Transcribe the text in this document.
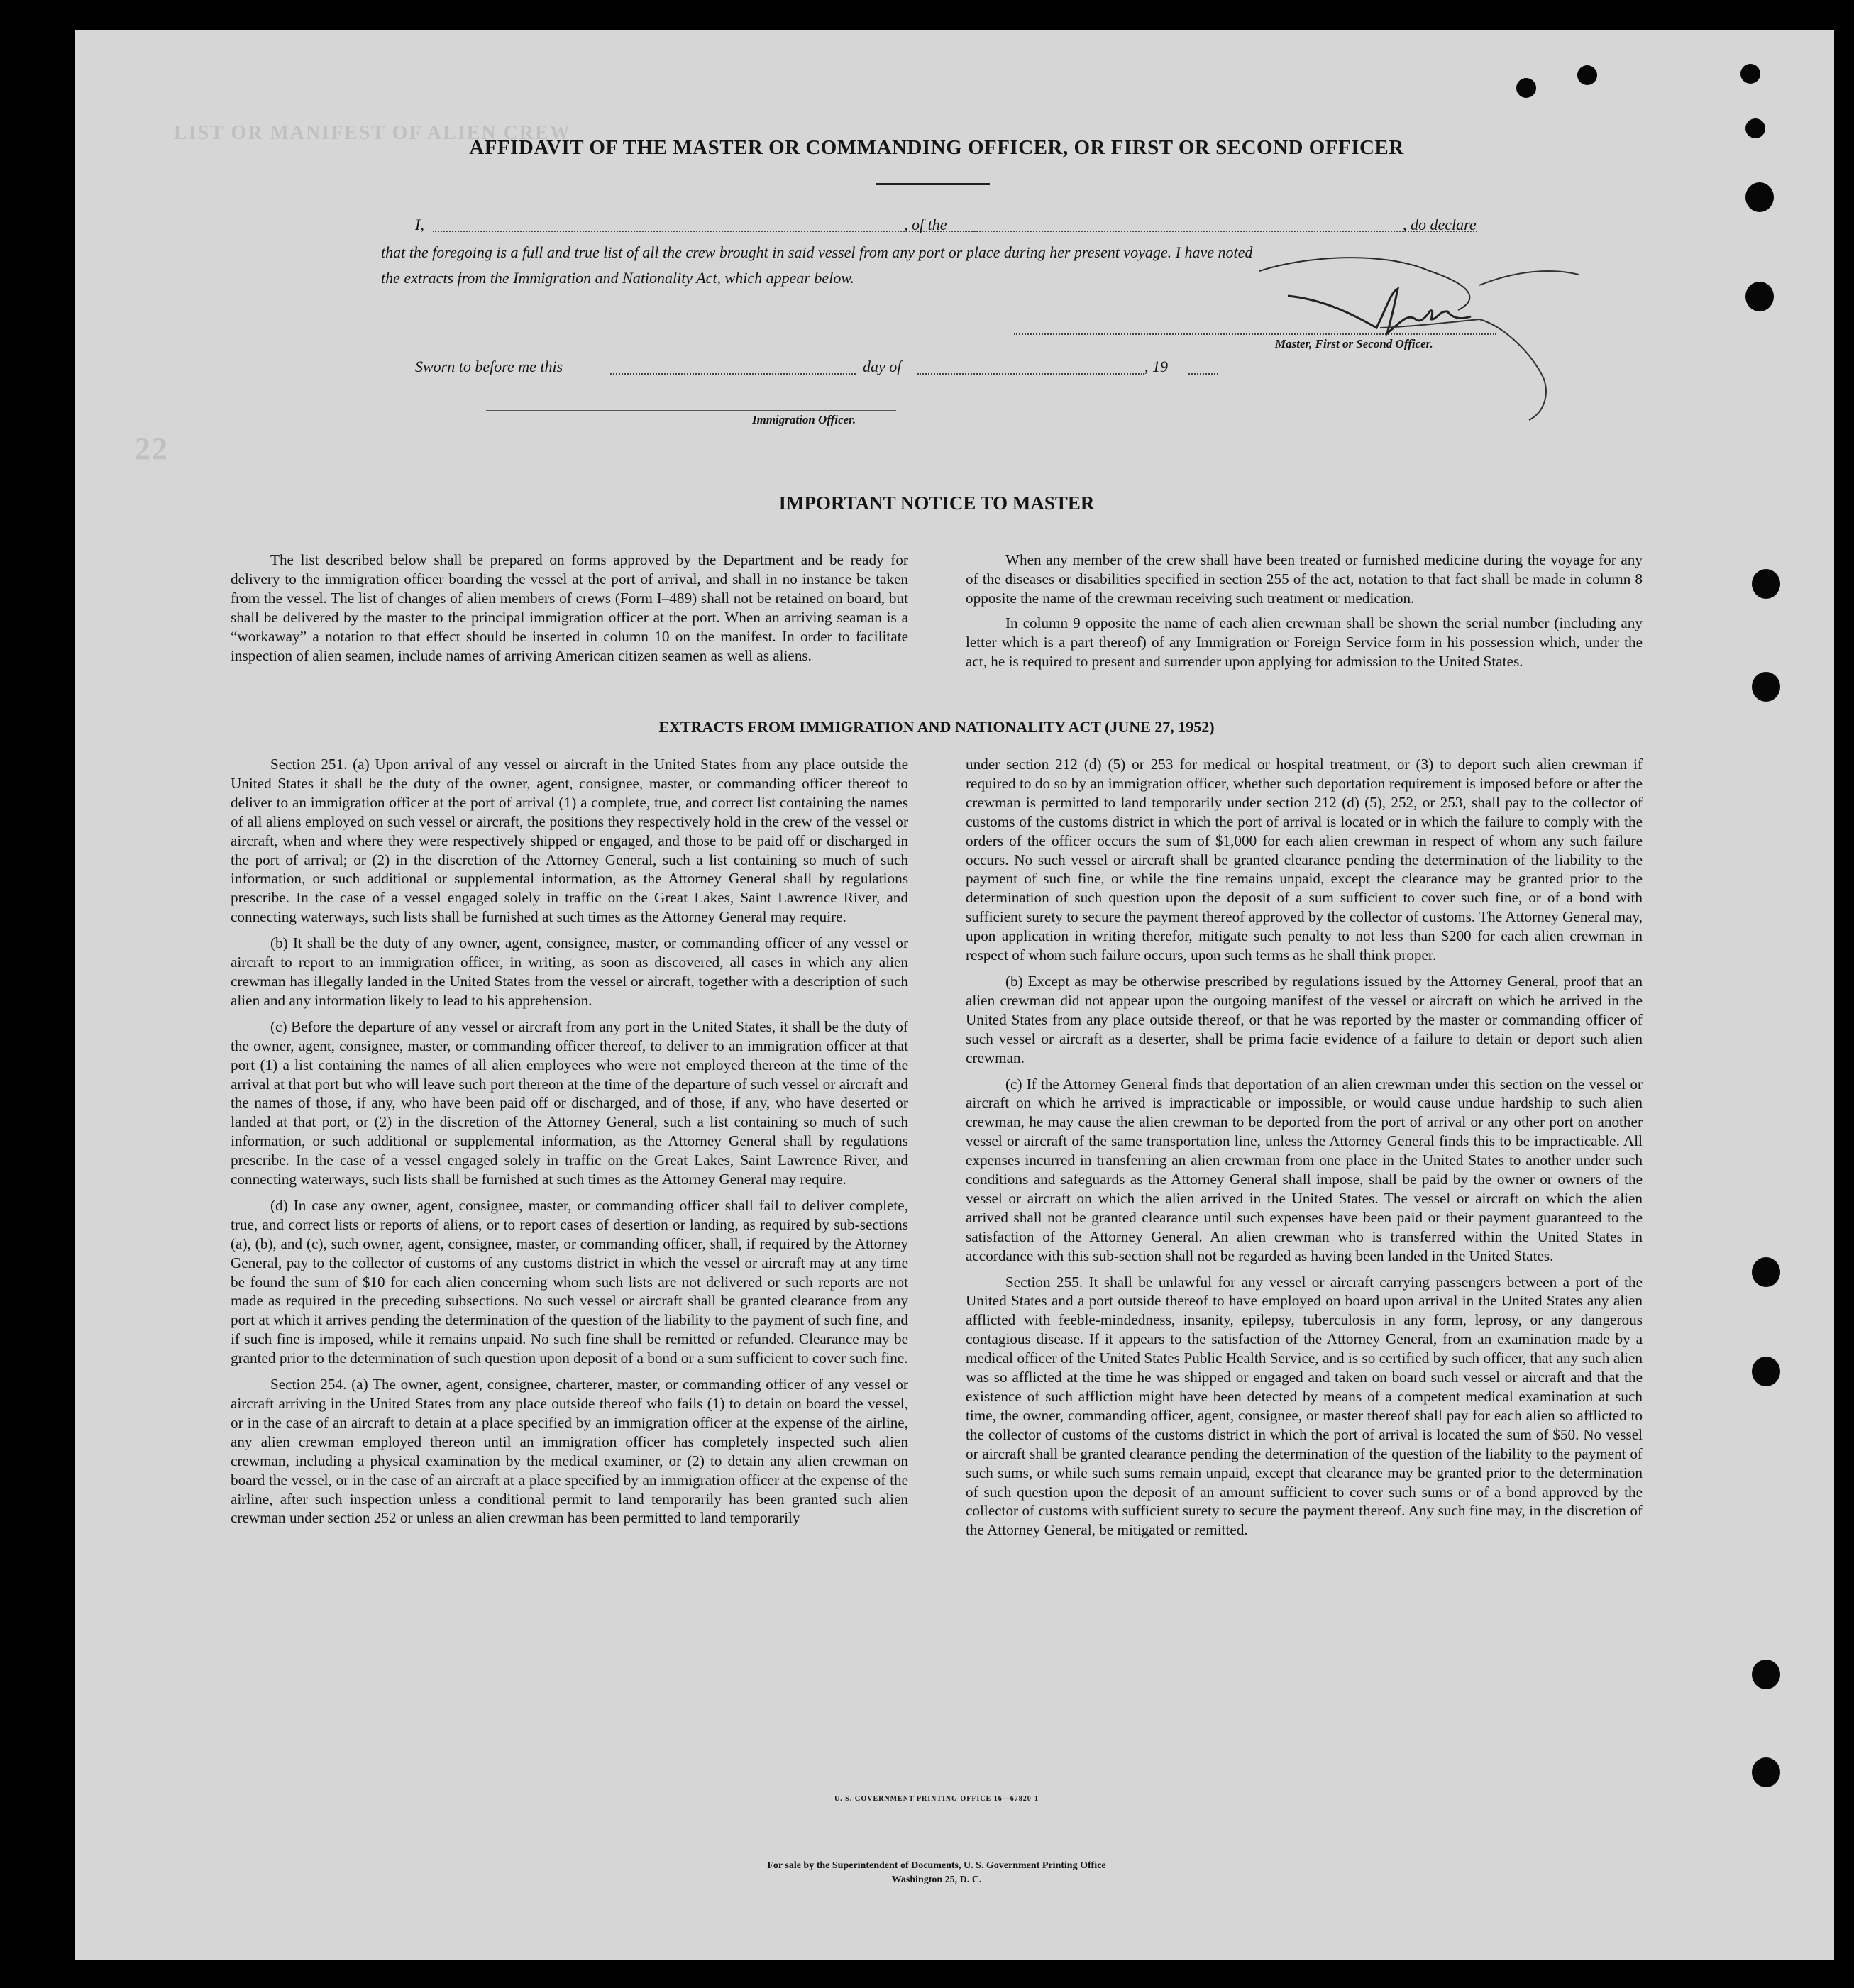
LIST OR MANIFEST OF ALIEN CREW
22
AFFIDAVIT OF THE MASTER OR COMMANDING OFFICER, OR FIRST OR SECOND OFFICER
I,	, of the	, do declare
that the foregoing is a full and true list of all the crew brought in said vessel from any port or place during her present voyage. I have noted
the extracts from the Immigration and Nationality Act, which appear below.
Master, First or Second Officer.
Sworn to before me this	day of	, 19
Immigration Officer.
IMPORTANT NOTICE TO MASTER

The list described below shall be prepared on forms approved by the Department and be ready for delivery to the immigration officer boarding the vessel at the port of arrival, and shall in no instance be taken from the vessel. The list of changes of alien members of crews (Form I–489) shall not be retained on board, but shall be delivered by the master to the principal immigration officer at the port. When an arriving seaman is a “workaway” a notation to that effect should be inserted in column 10 on the manifest. In order to facilitate inspection of alien seamen, include names of arriving American citizen seamen as well as aliens.

When any member of the crew shall have been treated or furnished medicine during the voyage for any of the diseases or disabilities specified in section 255 of the act, notation to that fact shall be made in column 8 opposite the name of the crewman receiving such treatment or medication.

In column 9 opposite the name of each alien crewman shall be shown the serial number (including any letter which is a part thereof) of any Immigration or Foreign Service form in his possession which, under the act, he is required to present and surrender upon applying for admission to the United States.

EXTRACTS FROM IMMIGRATION AND NATIONALITY ACT (JUNE 27, 1952)

Section 251. (a) Upon arrival of any vessel or aircraft in the United States from any place outside the United States it shall be the duty of the owner, agent, consignee, master, or commanding officer thereof to deliver to an immigration officer at the port of arrival (1) a complete, true, and correct list containing the names of all aliens employed on such vessel or aircraft, the positions they respectively hold in the crew of the vessel or aircraft, when and where they were respectively shipped or engaged, and those to be paid off or discharged in the port of arrival; or (2) in the discretion of the Attorney General, such a list containing so much of such information, or such additional or supplemental information, as the Attorney General shall by regulations prescribe. In the case of a vessel engaged solely in traffic on the Great Lakes, Saint Lawrence River, and connecting waterways, such lists shall be furnished at such times as the Attorney General may require.

(b) It shall be the duty of any owner, agent, consignee, master, or commanding officer of any vessel or aircraft to report to an immigration officer, in writing, as soon as discovered, all cases in which any alien crewman has illegally landed in the United States from the vessel or aircraft, together with a description of such alien and any information likely to lead to his apprehension.

(c) Before the departure of any vessel or aircraft from any port in the United States, it shall be the duty of the owner, agent, consignee, master, or commanding officer thereof, to deliver to an immigration officer at that port (1) a list containing the names of all alien employees who were not employed thereon at the time of the arrival at that port but who will leave such port thereon at the time of the departure of such vessel or aircraft and the names of those, if any, who have been paid off or discharged, and of those, if any, who have deserted or landed at that port, or (2) in the discretion of the Attorney General, such a list containing so much of such information, or such additional or supplemental information, as the Attorney General shall by regulations prescribe. In the case of a vessel engaged solely in traffic on the Great Lakes, Saint Lawrence River, and connecting waterways, such lists shall be furnished at such times as the Attorney General may require.

(d) In case any owner, agent, consignee, master, or commanding officer shall fail to deliver complete, true, and correct lists or reports of aliens, or to report cases of desertion or landing, as required by sub-sections (a), (b), and (c), such owner, agent, consignee, master, or commanding officer, shall, if required by the Attorney General, pay to the collector of customs of any customs district in which the vessel or aircraft may at any time be found the sum of $10 for each alien concerning whom such lists are not delivered or such reports are not made as required in the preceding subsections. No such vessel or aircraft shall be granted clearance from any port at which it arrives pending the determination of the question of the liability to the payment of such fine, and if such fine is imposed, while it remains unpaid. No such fine shall be remitted or refunded. Clearance may be granted prior to the determination of such question upon deposit of a bond or a sum sufficient to cover such fine.

Section 254. (a) The owner, agent, consignee, charterer, master, or commanding officer of any vessel or aircraft arriving in the United States from any place outside thereof who fails (1) to detain on board the vessel, or in the case of an aircraft to detain at a place specified by an immigration officer at the expense of the airline, any alien crewman employed thereon until an immigration officer has completely inspected such alien crewman, including a physical examination by the medical examiner, or (2) to detain any alien crewman on board the vessel, or in the case of an aircraft at a place specified by an immigration officer at the expense of the airline, after such inspection unless a conditional permit to land temporarily has been granted such alien crewman under section 252 or unless an alien crewman has been permitted to land temporarily

under section 212 (d) (5) or 253 for medical or hospital treatment, or (3) to deport such alien crewman if required to do so by an immigration officer, whether such deportation requirement is imposed before or after the crewman is permitted to land temporarily under section 212 (d) (5), 252, or 253, shall pay to the collector of customs of the customs district in which the port of arrival is located or in which the failure to comply with the orders of the officer occurs the sum of $1,000 for each alien crewman in respect of whom any such failure occurs. No such vessel or aircraft shall be granted clearance pending the determination of the liability to the payment of such fine, or while the fine remains unpaid, except the clearance may be granted prior to the determination of such question upon the deposit of a sum sufficient to cover such fine, or of a bond with sufficient surety to secure the payment thereof approved by the collector of customs. The Attorney General may, upon application in writing therefor, mitigate such penalty to not less than $200 for each alien crewman in respect of whom such failure occurs, upon such terms as he shall think proper.

(b) Except as may be otherwise prescribed by regulations issued by the Attorney General, proof that an alien crewman did not appear upon the outgoing manifest of the vessel or aircraft on which he arrived in the United States from any place outside thereof, or that he was reported by the master or commanding officer of such vessel or aircraft as a deserter, shall be prima facie evidence of a failure to detain or deport such alien crewman.

(c) If the Attorney General finds that deportation of an alien crewman under this section on the vessel or aircraft on which he arrived is impracticable or impossible, or would cause undue hardship to such alien crewman, he may cause the alien crewman to be deported from the port of arrival or any other port on another vessel or aircraft of the same transportation line, unless the Attorney General finds this to be impracticable. All expenses incurred in transferring an alien crewman from one place in the United States to another under such conditions and safeguards as the Attorney General shall impose, shall be paid by the owner or owners of the vessel or aircraft on which the alien arrived in the United States. The vessel or aircraft on which the alien arrived shall not be granted clearance until such expenses have been paid or their payment guaranteed to the satisfaction of the Attorney General. An alien crewman who is transferred within the United States in accordance with this sub-section shall not be regarded as having been landed in the United States.

Section 255. It shall be unlawful for any vessel or aircraft carrying passengers between a port of the United States and a port outside thereof to have employed on board upon arrival in the United States any alien afflicted with feeble-mindedness, insanity, epilepsy, tuberculosis in any form, leprosy, or any dangerous contagious disease. If it appears to the satisfaction of the Attorney General, from an examination made by a medical officer of the United States Public Health Service, and is so certified by such officer, that any such alien was so afflicted at the time he was shipped or engaged and taken on board such vessel or aircraft and that the existence of such affliction might have been detected by means of a competent medical examination at such time, the owner, commanding officer, agent, consignee, or master thereof shall pay for each alien so afflicted to the collector of customs of the customs district in which the port of arrival is located the sum of $50. No vessel or aircraft shall be granted clearance pending the determination of the question of the liability to the payment of such sums, or while such sums remain unpaid, except that clearance may be granted prior to the determination of such question upon the deposit of an amount sufficient to cover such sums or of a bond approved by the collector of customs with sufficient surety to secure the payment thereof. Any such fine may, in the discretion of the Attorney General, be mitigated or remitted.

U. S. GOVERNMENT PRINTING OFFICE 16—67820-1
For sale by the Superintendent of Documents, U. S. Government Printing Office
Washington 25, D. C.
